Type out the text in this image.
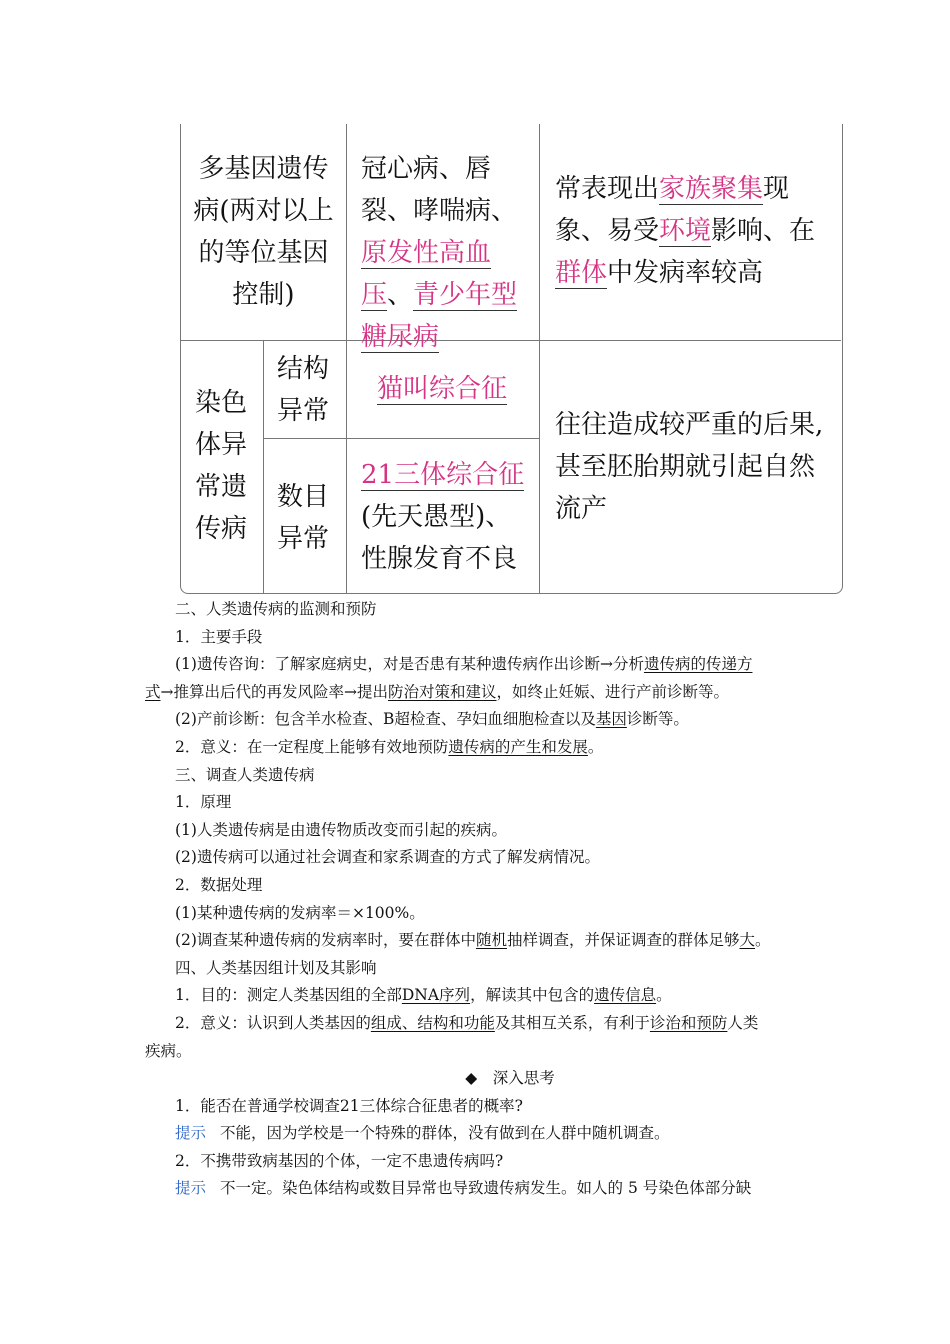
多基因遗传病(两对以上的等位基因控制)
冠心病、唇裂、哮喘病、原发性高血压、青少年型糖尿病
常表现出家族聚集现象、易受环境影响、在群体中发病率较高
染色体异常遗传病
结构异常
猫叫综合征
数目异常
21三体综合征(先天愚型)、性腺发育不良
往往造成较严重的后果,甚至胚胎期就引起自然流产

二、人类遗传病的监测和预防

1．主要手段

(1)遗传咨询：了解家庭病史，对是否患有某种遗传病作出诊断→分析遗传病的传递方

式→推算出后代的再发风险率→提出防治对策和建议，如终止妊娠、进行产前诊断等。

(2)产前诊断：包含羊水检查、B超检查、孕妇血细胞检查以及基因诊断等。

2．意义：在一定程度上能够有效地预防遗传病的产生和发展。

三、调查人类遗传病

1．原理

(1)人类遗传病是由遗传物质改变而引起的疾病。

(2)遗传病可以通过社会调查和家系调查的方式了解发病情况。

2．数据处理

(1)某种遗传病的发病率＝×100%。

(2)调查某种遗传病的发病率时，要在群体中随机抽样调查，并保证调查的群体足够大。

四、人类基因组计划及其影响

1．目的：测定人类基因组的全部DNA序列，解读其中包含的遗传信息。

2．意义：认识到人类基因的组成、结构和功能及其相互关系，有利于诊治和预防人类

疾病。

◆　深入思考

1．能否在普通学校调查21三体综合征患者的概率?

提示 不能，因为学校是一个特殊的群体，没有做到在人群中随机调查。

2．不携带致病基因的个体，一定不患遗传病吗?

提示 不一定。染色体结构或数目异常也导致遗传病发生。如人的 5 号染色体部分缺
